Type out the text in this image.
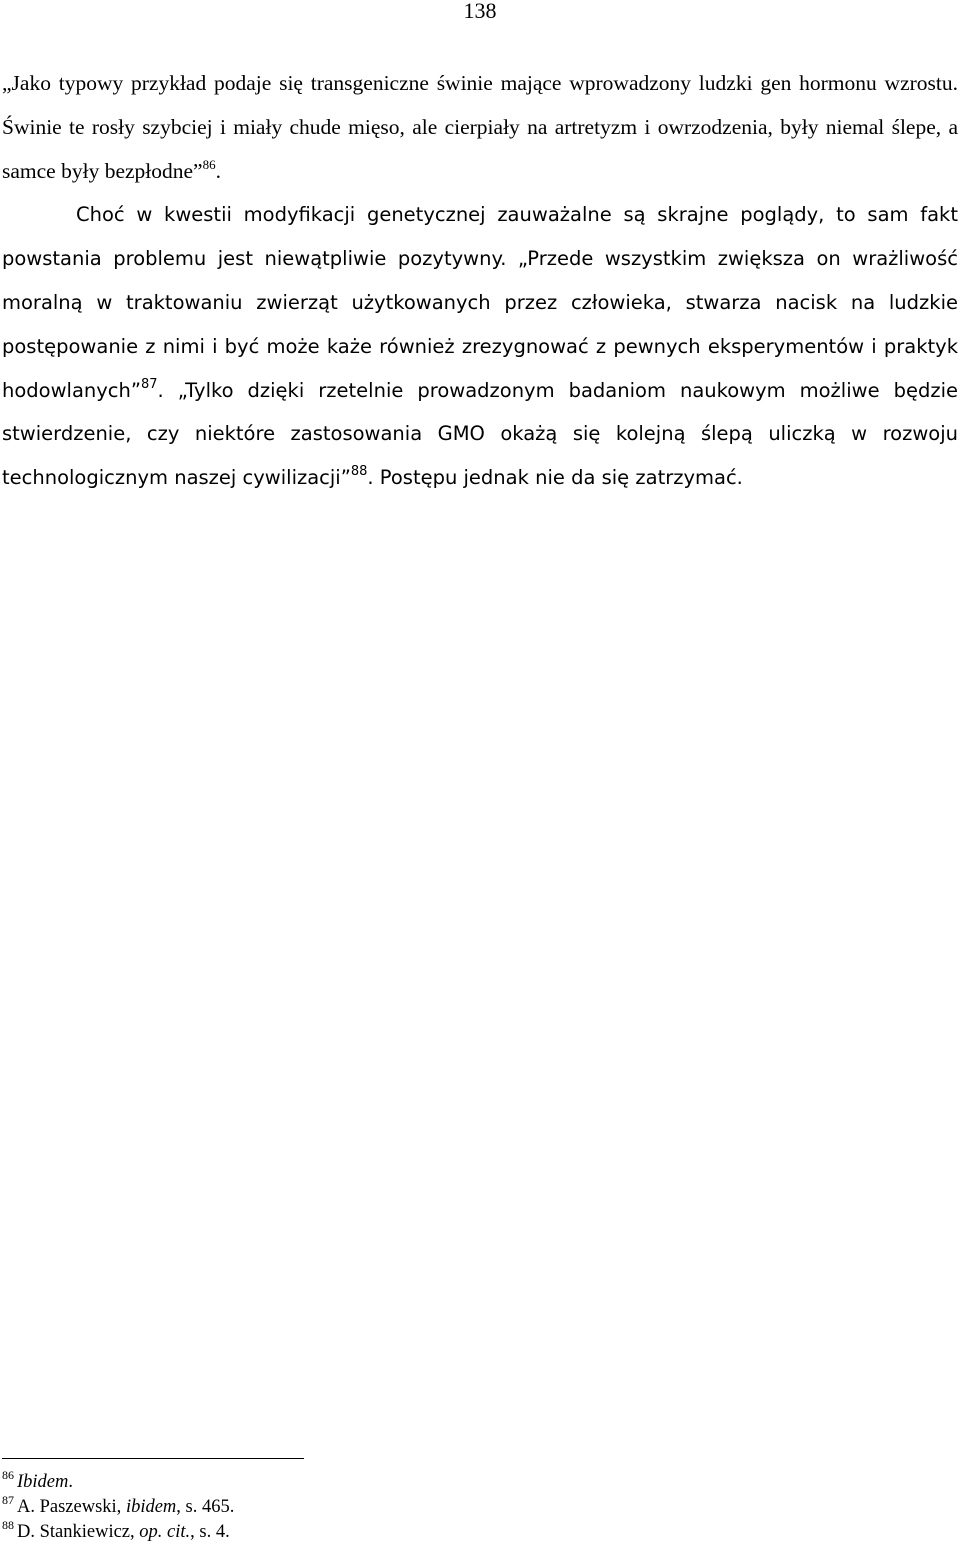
138

„Jako typowy przykład podaje się transgeniczne świnie mające wprowadzony ludzki gen hormonu wzrostu. Świnie te rosły szybciej i miały chude mięso, ale cierpiały na artretyzm i owrzodzenia, były niemal ślepe, a samce były bezpłodne”$^{86}$.

Choć w kwestii modyfikacji genetycznej zauważalne są skrajne poglądy, to sam fakt powstania problemu jest niewątpliwie pozytywny. „Przede wszystkim zwiększa on wrażliwość moralną w traktowaniu zwierząt użytkowanych przez człowieka, stwarza nacisk na ludzkie postępowanie z nimi i być może każe również zrezygnować z pewnych eksperymentów i praktyk hodowlanych”$^{87}$. „Tylko dzięki rzetelnie prowadzonym badaniom naukowym możliwe będzie stwierdzenie, czy niektóre zastosowania GMO okażą się kolejną ślepą uliczką w rozwoju technologicznym naszej cywilizacji”$^{88}$. Postępu jednak nie da się zatrzymać.

$^{86}$ Ibidem.
$^{87}$ A. Paszewski, ibidem, s. 465.
$^{88}$ D. Stankiewicz, op. cit., s. 4.
